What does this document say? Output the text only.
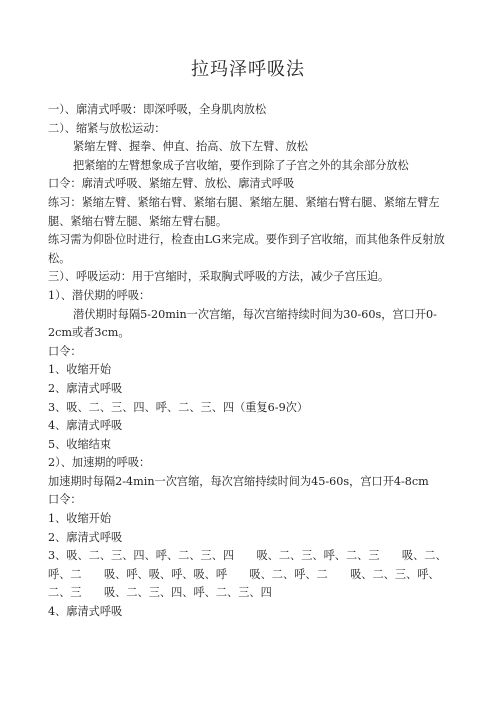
拉玛泽呼吸法

一）、廓清式呼吸：即深呼吸，全身肌肉放松

二）、缩紧与放松运动：

紧缩左臂、握拳、伸直、抬高、放下左臂、放松

把紧缩的左臂想象成子宫收缩，要作到除了子宫之外的其余部分放松

口令：廓清式呼吸、紧缩左臂、放松、廓清式呼吸

练习：紧缩左臂、紧缩右臂、紧缩右腿、紧缩左腿、紧缩右臂右腿、紧缩左臂左腿、紧缩右臂左腿、紧缩左臂右腿。

练习需为仰卧位时进行，检查由LG来完成。要作到子宫收缩，而其他条件反射放松。

三）、呼吸运动：用于宫缩时，采取胸式呼吸的方法，减少子宫压迫。

1）、潜伏期的呼吸：

潜伏期时每隔5-20min一次宫缩，每次宫缩持续时间为30-60s，宫口开0-2cm或者3cm。

口令：

1、收缩开始

2、廓清式呼吸

3、吸、二、三、四、呼、二、三、四（重复6-9次）

4、廓清式呼吸

5、收缩结束

2）、加速期的呼吸：

加速期时每隔2-4min一次宫缩，每次宫缩持续时间为45-60s，宫口开4-8cm

口令：

1、收缩开始

2、廓清式呼吸

3、吸、二、三、四、呼、二、三、四　　吸、二、三、呼、二、三　　吸、二、呼、二　　吸、呼、吸、呼、吸、呼　　吸、二、呼、二　　吸、二、三、呼、二、三　　吸、二、三、四、呼、二、三、四

4、廓清式呼吸
